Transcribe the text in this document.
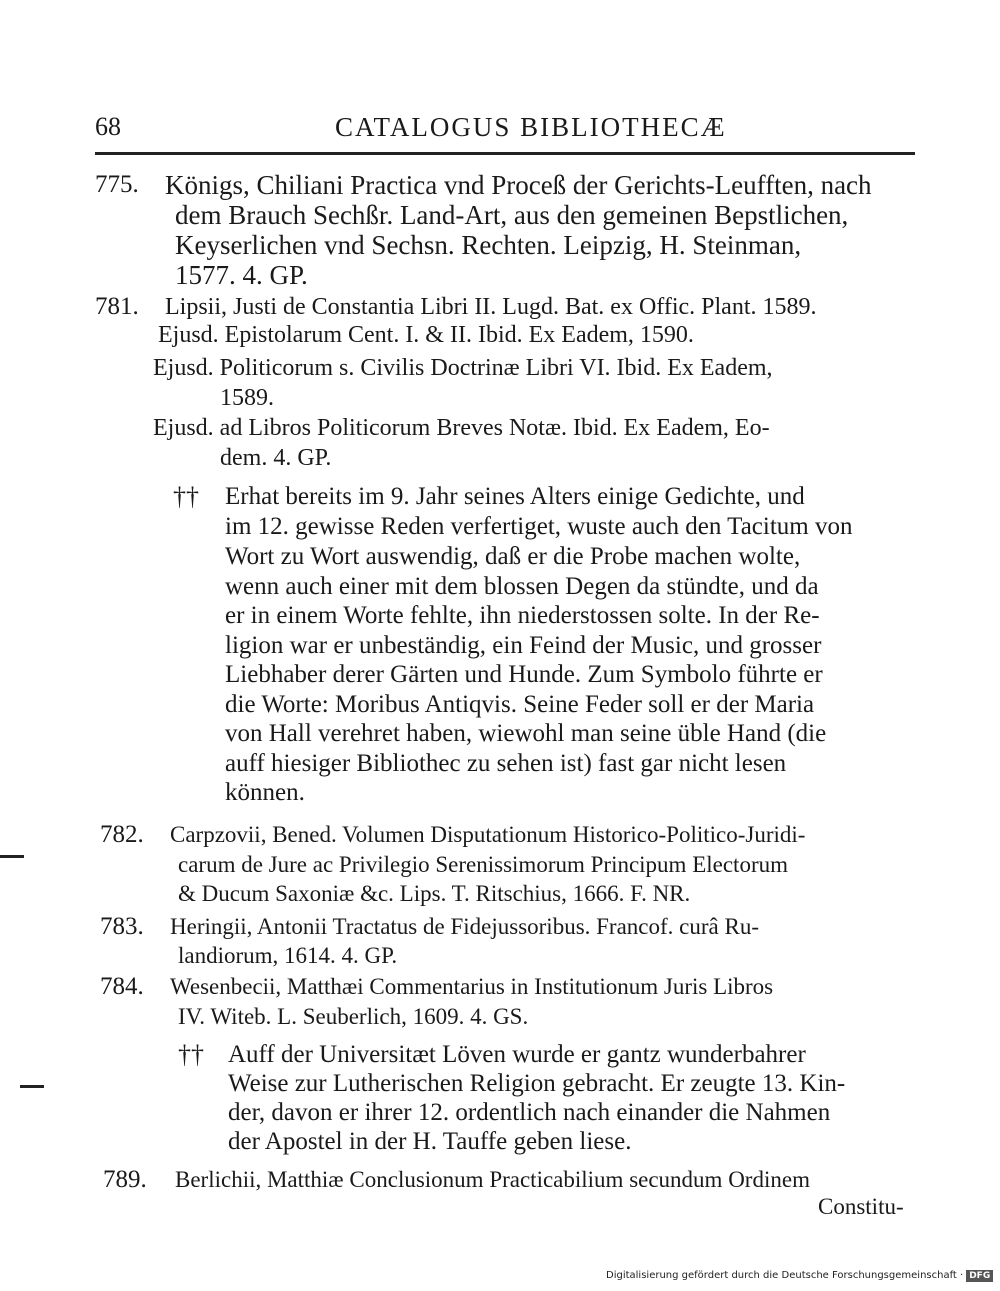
68	CATALOGUS BIBLIOTHECÆ
775. Königs, Chiliani Practica vnd Proceß der Gerichts-Leufften, nach
dem Brauch Sechßr. Land-Art, aus den gemeinen Bepstlichen,
Keyserlichen vnd Sechsn. Rechten. Leipzig, H. Steinman,
1577. 4. GP.
781. Lipsii, Justi de Constantia Libri II. Lugd. Bat. ex Offic. Plant. 1589.
Ejusd. Epistolarum Cent. I. & II. Ibid. Ex Eadem, 1590.
Ejusd. Politicorum s. Civilis Doctrinæ Libri VI. Ibid. Ex Eadem,
1589.
Ejusd. ad Libros Politicorum Breves Notæ. Ibid. Ex Eadem, Eo-
dem. 4. GP.
†† Erhat bereits im 9. Jahr seines Alters einige Gedichte, und
im 12. gewisse Reden verfertiget, wuste auch den Tacitum von
Wort zu Wort auswendig, daß er die Probe machen wolte,
wenn auch einer mit dem blossen Degen da stündte, und da
er in einem Worte fehlte, ihn niederstossen solte. In der Re-
ligion war er unbeständig, ein Feind der Music, und grosser
Liebhaber derer Gärten und Hunde. Zum Symbolo führte er
die Worte: Moribus Antiqvis. Seine Feder soll er der Maria
von Hall verehret haben, wiewohl man seine üble Hand (die
auff hiesiger Bibliothec zu sehen ist) fast gar nicht lesen
können.
782. Carpzovii, Bened. Volumen Disputationum Historico-Politico-Juridi-
carum de Jure ac Privilegio Serenissimorum Principum Electorum
& Ducum Saxoniæ &c. Lips. T. Ritschius, 1666. F. NR.
783. Heringii, Antonii Tractatus de Fidejussoribus. Francof. curâ Ru-
landiorum, 1614. 4. GP.
784. Wesenbecii, Matthæi Commentarius in Institutionum Juris Libros
IV. Witeb. L. Seuberlich, 1609. 4. GS.
†† Auff der Universitæt Löven wurde er gantz wunderbahrer
Weise zur Lutherischen Religion gebracht. Er zeugte 13. Kin-
der, davon er ihrer 12. ordentlich nach einander die Nahmen
der Apostel in der H. Tauffe geben liese.
789. Berlichii, Matthiæ Conclusionum Practicabilium secundum Ordinem
Constitu-
Digitalisierung gefördert durch die Deutsche Forschungsgemeinschaft · DFG
